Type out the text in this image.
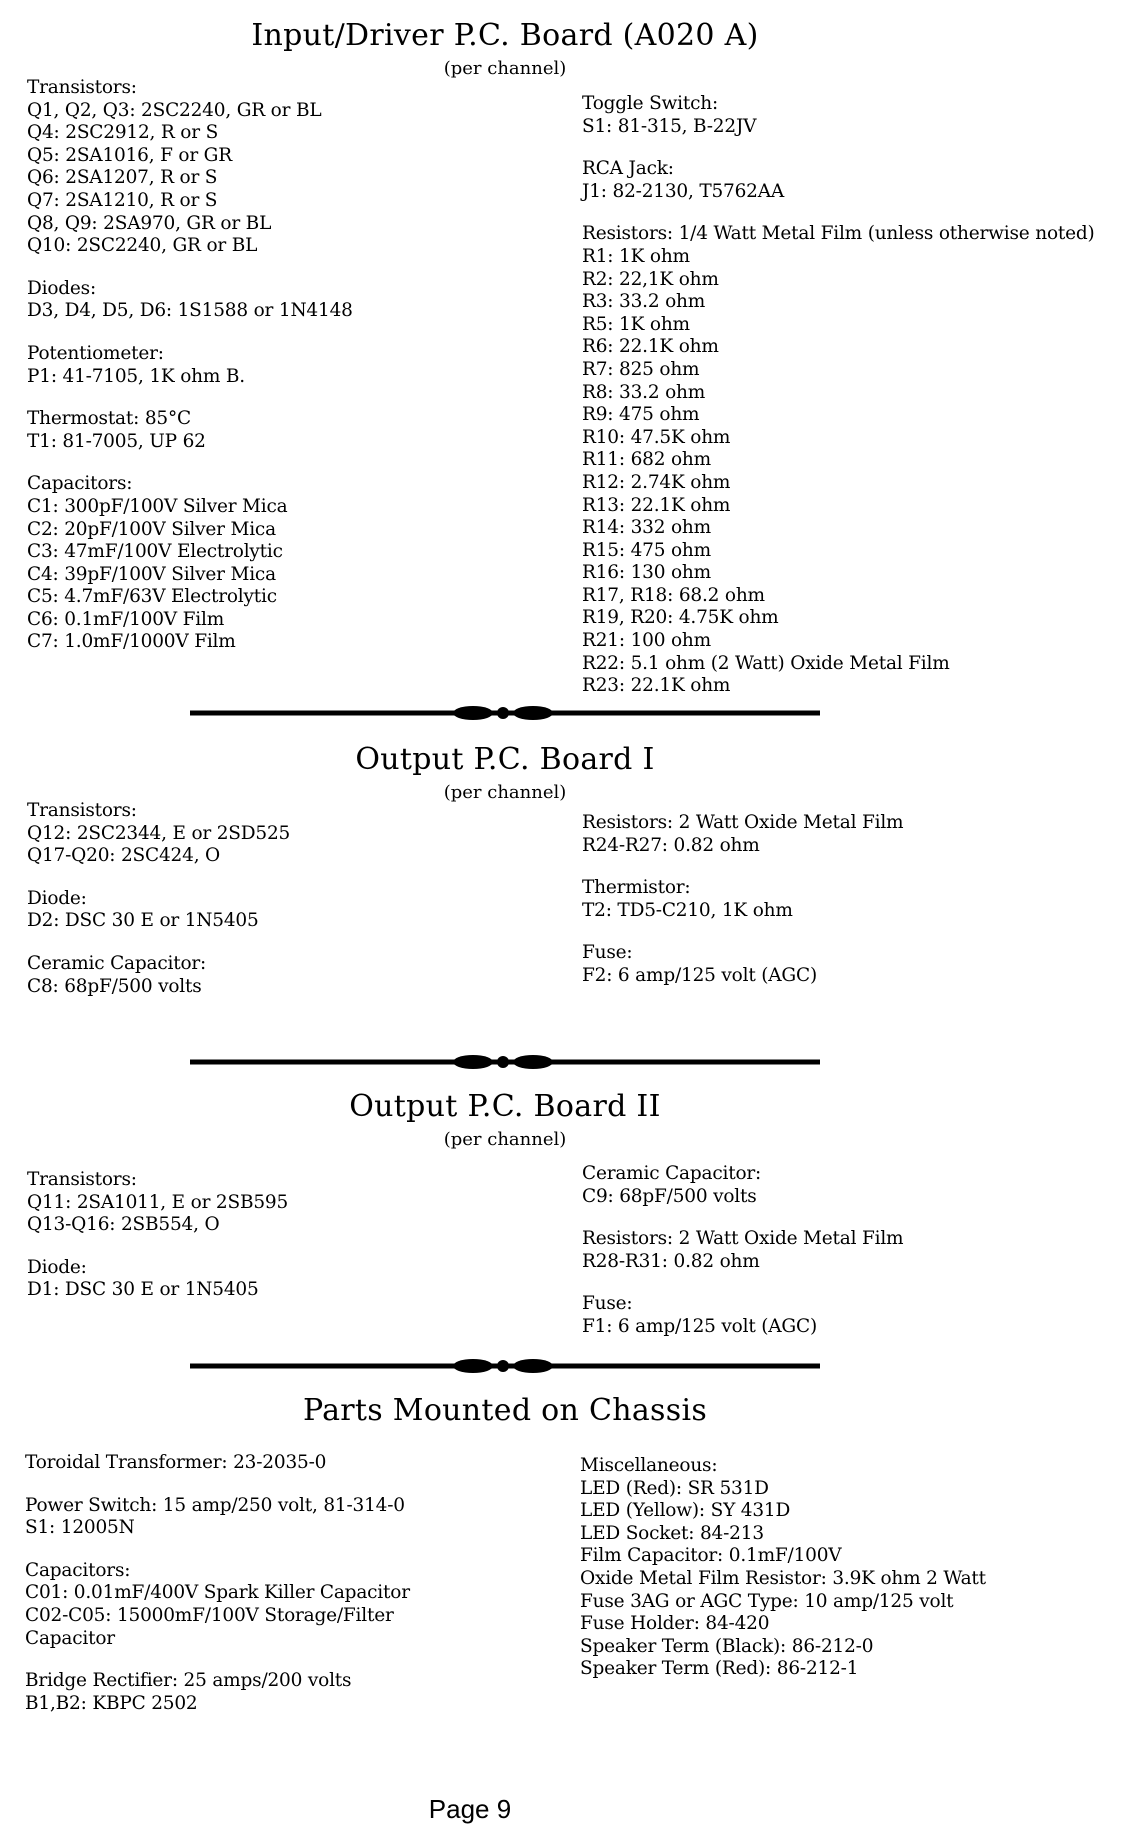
Input/Driver P.C. Board (A020 A)
(per channel)
Transistors:
Q1, Q2, Q3: 2SC2240, GR or BL
Q4: 2SC2912, R or S
Q5: 2SA1016, F or GR
Q6: 2SA1207, R or S
Q7: 2SA1210, R or S
Q8, Q9: 2SA970, GR or BL
Q10: 2SC2240, GR or BL
Diodes:
D3, D4, D5, D6: 1S1588 or 1N4148
Potentiometer:
P1: 41-7105, 1K ohm B.
Thermostat: 85°C
T1: 81-7005, UP 62
Capacitors:
C1: 300pF/100V Silver Mica
C2: 20pF/100V Silver Mica
C3: 47mF/100V Electrolytic
C4: 39pF/100V Silver Mica
C5: 4.7mF/63V Electrolytic
C6: 0.1mF/100V Film
C7: 1.0mF/1000V Film
Toggle Switch:
S1: 81-315, B-22JV
RCA Jack:
J1: 82-2130, T5762AA
Resistors: 1/4 Watt Metal Film (unless otherwise noted)
R1: 1K ohm
R2: 22,1K ohm
R3: 33.2 ohm
R5: 1K ohm
R6: 22.1K ohm
R7: 825 ohm
R8: 33.2 ohm
R9: 475 ohm
R10: 47.5K ohm
R11: 682 ohm
R12: 2.74K ohm
R13: 22.1K ohm
R14: 332 ohm
R15: 475 ohm
R16: 130 ohm
R17, R18: 68.2 ohm
R19, R20: 4.75K ohm
R21: 100 ohm
R22: 5.1 ohm (2 Watt) Oxide Metal Film
R23: 22.1K ohm
Output P.C. Board I
(per channel)
Transistors:
Q12: 2SC2344, E or 2SD525
Q17-Q20: 2SC424, O
Diode:
D2: DSC 30 E or 1N5405
Ceramic Capacitor:
C8: 68pF/500 volts
Resistors: 2 Watt Oxide Metal Film
R24-R27: 0.82 ohm
Thermistor:
T2: TD5-C210, 1K ohm
Fuse:
F2: 6 amp/125 volt (AGC)
Output P.C. Board II
(per channel)
Transistors:
Q11: 2SA1011, E or 2SB595
Q13-Q16: 2SB554, O
Diode:
D1: DSC 30 E or 1N5405
Ceramic Capacitor:
C9: 68pF/500 volts
Resistors: 2 Watt Oxide Metal Film
R28-R31: 0.82 ohm
Fuse:
F1: 6 amp/125 volt (AGC)
Parts Mounted on Chassis
Toroidal Transformer: 23-2035-0
Power Switch: 15 amp/250 volt, 81-314-0
S1: 12005N
Capacitors:
C01: 0.01mF/400V Spark Killer Capacitor
C02-C05: 15000mF/100V Storage/Filter
Capacitor
Bridge Rectifier: 25 amps/200 volts
B1,B2: KBPC 2502
Miscellaneous:
LED (Red): SR 531D
LED (Yellow): SY 431D
LED Socket: 84-213
Film Capacitor: 0.1mF/100V
Oxide Metal Film Resistor: 3.9K ohm 2 Watt
Fuse 3AG or AGC Type: 10 amp/125 volt
Fuse Holder: 84-420
Speaker Term (Black): 86-212-0
Speaker Term (Red): 86-212-1
Page 9
